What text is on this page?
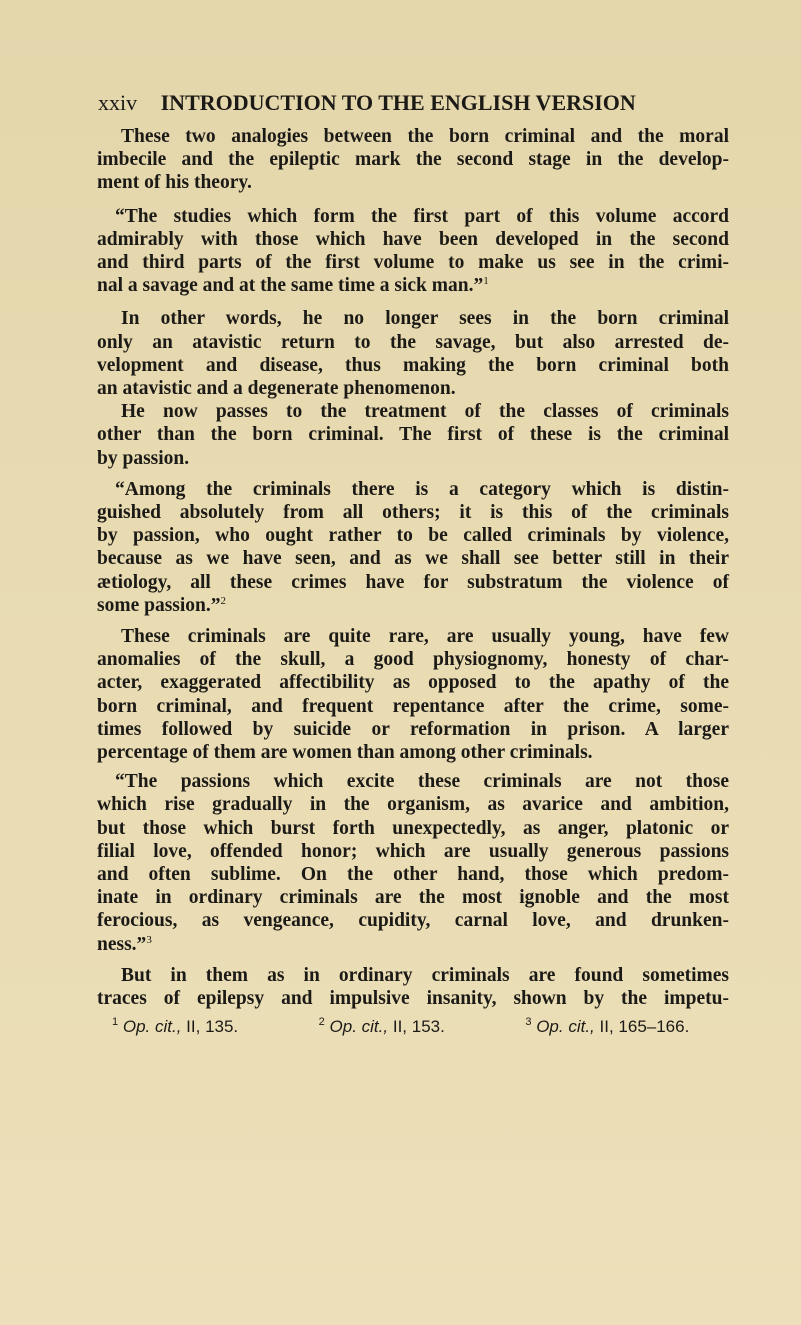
xxiv INTRODUCTION TO THE ENGLISH VERSION
These two analogies between the born criminal and the moral
imbecile and the epileptic mark the second stage in the develop-
ment of his theory.
“The studies which form the first part of this volume accord
admirably with those which have been developed in the second
and third parts of the first volume to make us see in the crimi-
nal a savage and at the same time a sick man.”$^1$
In other words, he no longer sees in the born criminal
only an atavistic return to the savage, but also arrested de-
velopment and disease, thus making the born criminal both
an atavistic and a degenerate phenomenon.
He now passes to the treatment of the classes of criminals
other than the born criminal. The first of these is the criminal
by passion.
“Among the criminals there is a category which is distin-
guished absolutely from all others; it is this of the criminals
by passion, who ought rather to be called criminals by violence,
because as we have seen, and as we shall see better still in their
ætiology, all these crimes have for substratum the violence of
some passion.”$^2$
These criminals are quite rare, are usually young, have few
anomalies of the skull, a good physiognomy, honesty of char-
acter, exaggerated affectibility as opposed to the apathy of the
born criminal, and frequent repentance after the crime, some-
times followed by suicide or reformation in prison. A larger
percentage of them are women than among other criminals.
“The passions which excite these criminals are not those
which rise gradually in the organism, as avarice and ambition,
but those which burst forth unexpectedly, as anger, platonic or
filial love, offended honor; which are usually generous passions
and often sublime. On the other hand, those which predom-
inate in ordinary criminals are the most ignoble and the most
ferocious, as vengeance, cupidity, carnal love, and drunken-
ness.”$^3$
But in them as in ordinary criminals are found sometimes
traces of epilepsy and impulsive insanity, shown by the impetu-
$^1$ Op. cit., II, 135.	$^2$ Op. cit., II, 153.	$^3$ Op. cit., II, 165–166.
